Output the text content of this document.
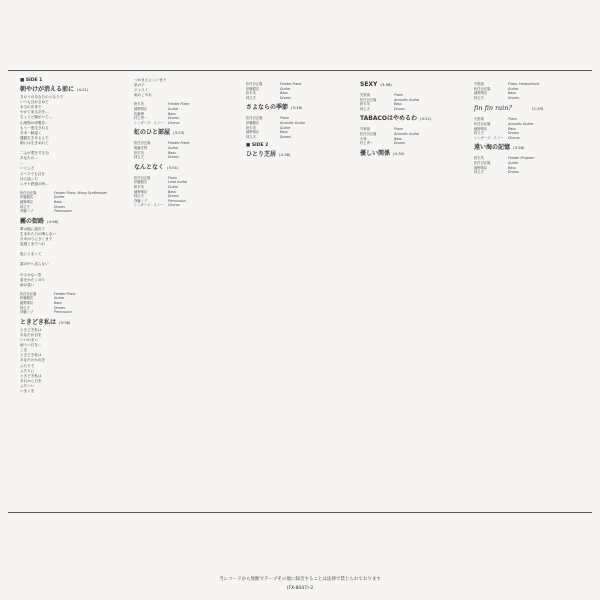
■ SIDE 1
朝やけが消える前に (4:21)
きのうのあなたのとなりで
いつも目がさめて
本当の次まで
やがて来る次を...
ちょうど朝がいて...
山奥物の呼吸を...
もう一度生きれる
ああ一瞬遠く
運動生きあるんで
朝には生きめれて

二人が愛をする为
あなたの...
...
いとしさ
ボースでも目を
ほら迷った
ニヤケ鉄道の時...
松任谷正隆	Fender Piano, Moog Synthesizer
伊藤銀次	Guitar
細野晴臣	Bass
林立夫	Drums
斉藤ノブ	Percussion
霧の街路 (4:58)
傘は風に揺れて
生まれた日の鳴らない
月あかりにきくまで
夜遅くまでつれ

夜にとまって

霧の中へ送らない

やるせない雲
窓をかたくゆり
雨の遠い
松任谷正隆	Fender Piano
伊藤銀次	Guitar
細野晴臣	Bass
林立夫	Drums
斉藤ノブ	Percussion
ときどき私は (3:38)
ときどき私は
あなたが目を
いいのまい
雨うつ日を...
こま
ときどき私は
あなたのかれを
ふたりで
ふたりに
ときどき私は
あれから日を
ふたつい
いまくを
つかまえにくいまで
星の子
ジャスミ
雨のこやれ
鈴木茂	Fender Piano
細野晴臣	Guitar
佐藤博	Bass
村上秀一	Drums
シンガーズ・スリー	Chorus
虹のひと部屋 (3:23)
松任谷正隆	Fender Piano
後藤次利	Guitar
鈴木茂	Bass
林立夫	Drums
なんとなく (3:51)
松任谷正隆	Piano
伊藤銀次	Lead Guitar
鈴木茂	Guitar
細野晴臣	Bass
林立夫	Drums
斉藤ノブ	Percussion
シンガーズ・スリー	Chorus
松任谷正隆	Fender Piano
伊藤銀次	Guitar
鈴木茂	Bass
林立夫	Drums
さよならの季節 (3:49)
松任谷正隆	Piano
伊藤銀次	Acoustic Guitar
鈴木茂	Guitar
細野晴臣	Bass
林立夫	Drums
■ SIDE 2
ひとり芝居 (4:38)
SEXY (3:58)
矢野誠	Piano
松任谷正隆	Acoustic Guitar
鈴木茂	Bass
林立夫	Drums
TABACOはやめるわ (4:21)
矢野誠	Piano
松任谷正隆	Acoustic Guitar
小林	Bass
村上秀一	Drums
優しい関係 (4:30)
矢野誠	Piano, Harpsichord
松任谷正隆	Guitar
細野晴臣	Bass
林立夫	Drums
fin fin rain?	(2:39)
矢野誠	Piano
松任谷正隆	Acoustic Guitar
細野晴臣	Bass
林立夫	Drums
シンガーズ・スリー	Chorus
遠い海の記憶 (3:26)
鈴木茂	Fender Program
松任谷正隆	Guitar
細野晴臣	Bass
林立夫	Drums
当レコードから無断でテープその他に録音することは法律で禁じられております
(FX-8047)-2
